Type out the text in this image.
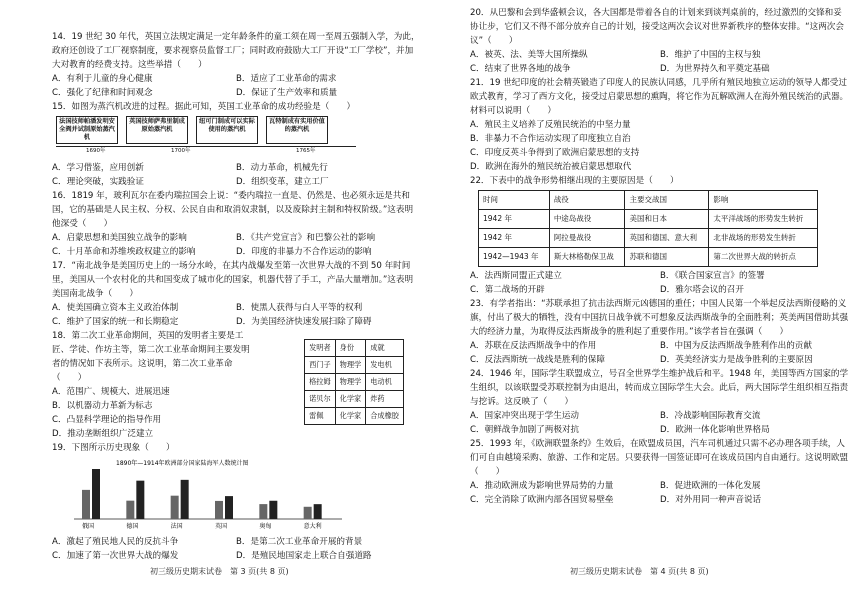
14．19 世纪 30 年代，英国立法规定满足一定年龄条件的童工须在周一至周五强制入学，为此，政府还创设了工厂视察制度，要求视察员监督工厂；同时政府鼓励大工厂开设“工厂学校”，并加大对教育的经费支持。这些举措（　　）

A．有利于儿童的身心健康	B．适应了工业革命的需求
C．强化了纪律和时间观念	D．保证了生产效率和质量

15．如图为蒸汽机改进的过程。据此可知，英国工业革命的成功经验是（　　）

法国技师帕潘发明安全阀并试制原始蒸汽机
英国技师萨弗里制成原始蒸汽机
纽可门制成可以实际使用的蒸汽机
瓦特制成有实用价值的蒸汽机
1690年	1700年	1765年
A．学习借鉴，应用创新	B．动力革命，机械先行
C．理论突破，实践验证	D．组织变革，建立工厂

16．1819 年，玻利瓦尔在委内瑞拉国会上说：“委内瑞拉一直是、仍然是、也必须永远是共和国，它的基础是人民主权、分权、公民自由和取消奴隶制，以及废除封主制和特权阶级。”这表明他深受（　　）

A．启蒙思想和美国独立战争的影响	B．《共产党宣言》和巴黎公社的影响
C．十月革命和苏维埃政权建立的影响	D．印度的非暴力不合作运动的影响

17．“南北战争是美国历史上的一场分水岭，在其内战爆发至第一次世界大战的不到 50 年时间里，美国从一个农村化的共和国变成了城市化的国家，机器代替了手工，产品大量增加。”这表明美国南北战争（　　）

A．使美国确立资本主义政治体制	B．使黑人获得与白人平等的权利
C．维护了国家的统一和长期稳定	D．为美国经济快速发展扫除了障碍

18．第二次工业革命期间，英国的发明者主要是工匠、学徒、作坊主等，第二次工业革命期间主要发明者的情况如下表所示。这说明，第二次工业革命（　　）

发明者	身份	成就
西门子	物理学	发电机
格拉姆	物理学	电动机
诺贝尔	化学家	炸药
雷佩	化学家	合成橡胶
A．范围广、规模大、进展迅速
B．以机器动力革新为标志
C．凸显科学理论的指导作用
D．推动垄断组织广泛建立

19．下图所示历史现象（　　）

1890年—1914年欧洲部分国家陆海军人数统计图
俄国	德国	法国	英国	奥匈	意大利
A．激起了殖民地人民的反抗斗争	B．是第二次工业革命开展的背景
C．加速了第一次世界大战的爆发	D．是殖民地国家走上联合自强道路
初三级历史期末试卷　第 3 页(共 8 页)

20．从巴黎和会到华盛顿会议，各大国都是带着各自的计划来到谈判桌前的，经过激烈的交锋和妥协让步，它们又不得不部分放弃自己的计划，接受这两次会议对世界新秩序的整体安排。“这两次会议”（　　）

A．被英、法、美等大国所操纵	B．维护了中国的主权与独
C．结束了世界各地的战争	D．为世界持久和平奠定基础

21．19 世纪印度的社会精英锻造了印度人的民族认同感，几乎所有殖民地独立运动的领导人都受过欧式教育，学习了西方文化，接受过启蒙思想的熏陶，将它作为瓦解欧洲人在海外殖民统治的武器。材料可以说明（　　）

A．殖民主义培养了反殖民统治的中坚力量
B．非暴力不合作运动实现了印度独立自治
C．印度反英斗争得到了欧洲启蒙思想的支持
D．欧洲在海外的殖民统治被启蒙思想取代

22．下表中的战争形势相继出现的主要原因是（　　）

时间	战役	主要交战国	影响
1942 年	中途岛战役	美国和日本	太平洋战场的形势发生转折
1942 年	阿拉曼战役	英国和德国、意大利	北非战场的形势发生转折
1942—1943 年	斯大林格勒保卫战	苏联和德国	第二次世界大战的转折点
A．法西斯同盟正式建立	B．《联合国家宣言》的签署
C．第二战场的开辟	D．雅尔塔会议的召开

23．有学者指出：“苏联承担了抗击法西斯元凶德国的重任；中国人民第一个举起反法西斯侵略的义旗，付出了极大的牺牲，没有中国抗日战争就不可想象反法西斯战争的全面胜利；英美两国借助其强大的经济力量，为取得反法西斯战争的胜利起了重要作用。”该学者旨在强调（　　）

A．苏联在反法西斯战争中的作用	B．中国为反法西斯战争胜利作出的贡献
C．反法西斯统一战线是胜利的保障	D．英美经济实力是战争胜利的主要原因

24．1946 年，国际学生联盟成立，号召全世界学生维护战后和平。1948 年，美国等西方国家的学生组织，以该联盟受苏联控制为由退出，转而成立国际学生大会。此后，两大国际学生组织相互指责与挖诉。这反映了（　　）

A．国家冲突出现于学生运动	B．冷战影响国际教育交流
C．朝鲜战争加剧了两极对抗	D．欧洲一体化影响世界格局

25．1993 年，《欧洲联盟条约》生效后，在欧盟成员国，汽车司机通过只需不必办理各项手续，人们可自由越境采购、旅游、工作和定居。只要获得一国签证即可在该成员国内自由通行。这说明欧盟（　　）

A．推动欧洲成为影响世界局势的力量	B．促进欧洲的一体化发展
C．完全消除了欧洲内部各国贸易壁垒	D．对外用同一种声音说话
初三级历史期末试卷　第 4 页(共 8 页)
